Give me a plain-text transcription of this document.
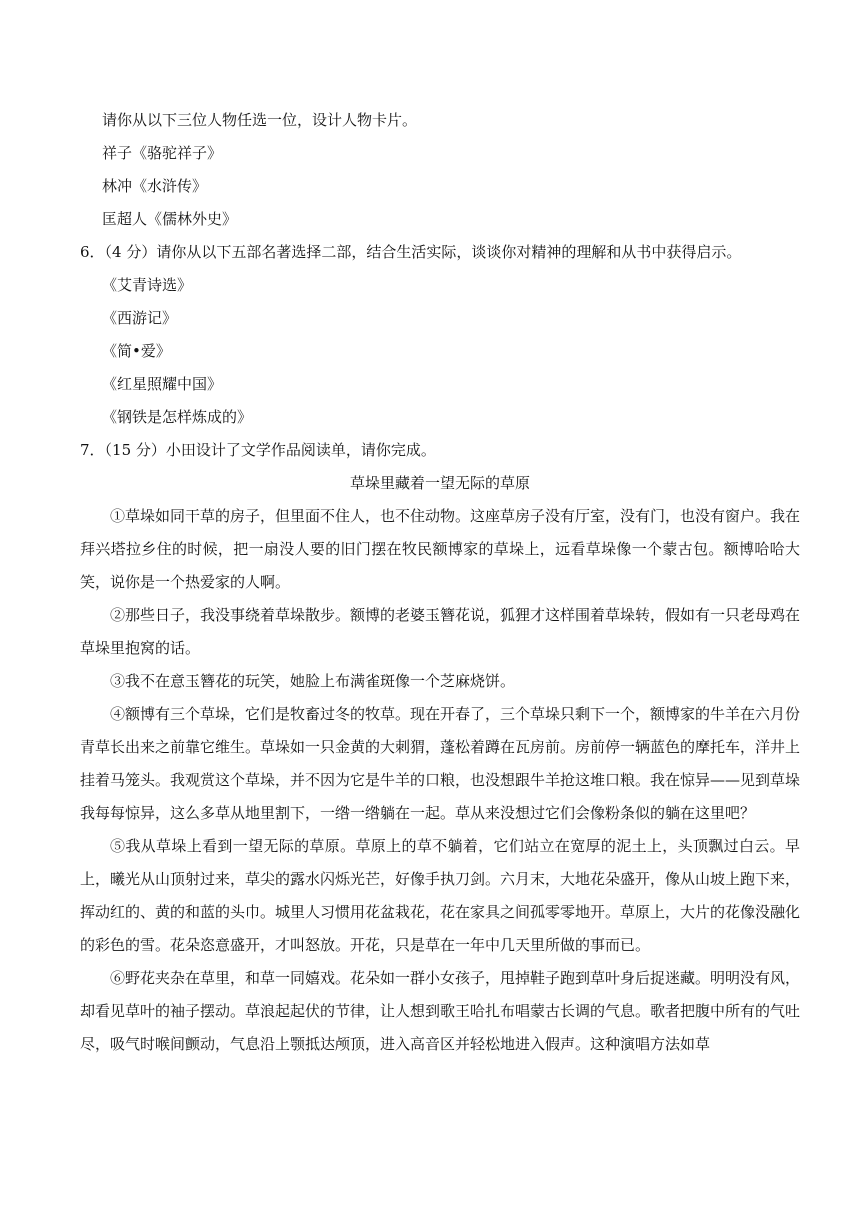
请你从以下三位人物任选一位，设计人物卡片。
祥子《骆驼祥子》
林冲《水浒传》
匡超人《儒林外史》
6．（4 分）请你从以下五部名著选择二部，结合生活实际，谈谈你对精神的理解和从书中获得启示。
《艾青诗选》
《西游记》
《简•爱》
《红星照耀中国》
《钢铁是怎样炼成的》
7．（15 分）小田设计了文学作品阅读单，请你完成。
草垛里藏着一望无际的草原

①草垛如同干草的房子，但里面不住人，也不住动物。这座草房子没有厅室，没有门，也没有窗户。我在拜兴塔拉乡住的时候，把一扇没人要的旧门摆在牧民额博家的草垛上，远看草垛像一个蒙古包。额博哈哈大笑，说你是一个热爱家的人啊。

②那些日子，我没事绕着草垛散步。额博的老婆玉簪花说，狐狸才这样围着草垛转，假如有一只老母鸡在草垛里抱窝的话。

③我不在意玉簪花的玩笑，她脸上布满雀斑像一个芝麻烧饼。

④额博有三个草垛，它们是牧畜过冬的牧草。现在开春了，三个草垛只剩下一个，额博家的牛羊在六月份青草长出来之前靠它维生。草垛如一只金黄的大刺猬，蓬松着蹲在瓦房前。房前停一辆蓝色的摩托车，洋井上挂着马笼头。我观赏这个草垛，并不因为它是牛羊的口粮，也没想跟牛羊抢这堆口粮。我在惊异——见到草垛我每每惊异，这么多草从地里割下，一绺一绺躺在一起。草从来没想过它们会像粉条似的躺在这里吧？

⑤我从草垛上看到一望无际的草原。草原上的草不躺着，它们站立在宽厚的泥土上，头顶飘过白云。早上，曦光从山顶射过来，草尖的露水闪烁光芒，好像手执刀剑。六月末，大地花朵盛开，像从山坡上跑下来，挥动红的、黄的和蓝的头巾。城里人习惯用花盆栽花，花在家具之间孤零零地开。草原上，大片的花像没融化的彩色的雪。花朵恣意盛开，才叫怒放。开花，只是草在一年中几天里所做的事而已。

⑥野花夹杂在草里，和草一同嬉戏。花朵如一群小女孩子，甩掉鞋子跑到草叶身后捉迷藏。明明没有风，却看见草叶的袖子摆动。草浪起起伏的节律，让人想到歌王哈扎布唱蒙古长调的气息。歌者把腹中所有的气吐尽，吸气时喉间颤动，气息沿上颚抵达颅顶，进入高音区并轻松地进入假声。这种演唱方法如草
